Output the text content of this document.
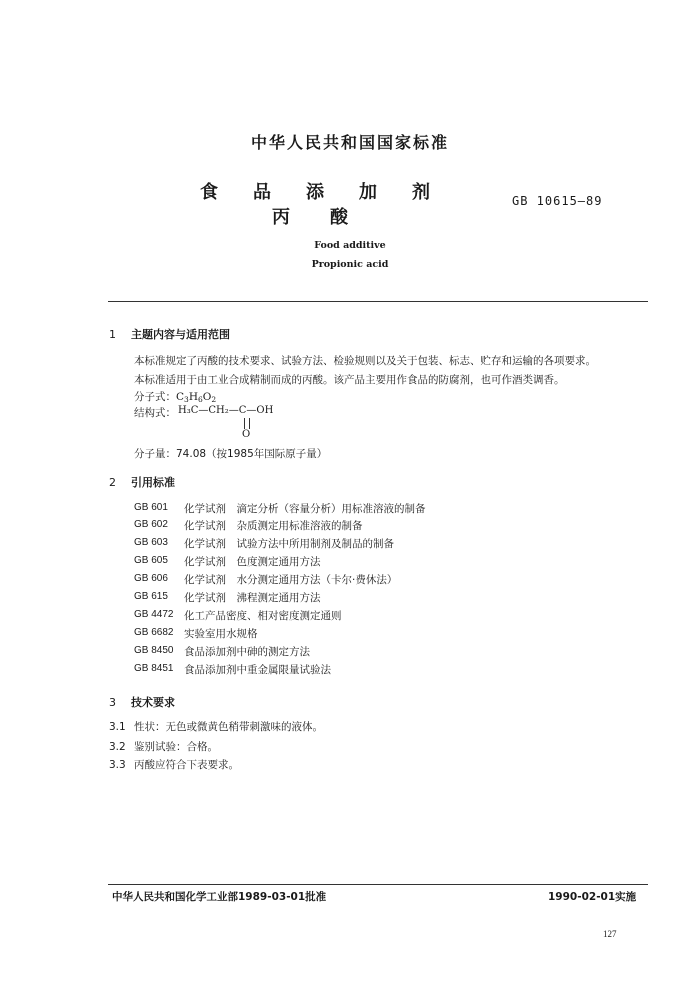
中华人民共和国国家标准
食 品 添 加 剂
丙 酸
GB 10615—89
Food additive
Propionic acid
1 主题内容与适用范围
本标准规定了丙酸的技术要求、试验方法、检验规则以及关于包装、标志、贮存和运输的各项要求。
本标准适用于由工业合成精制而成的丙酸。该产品主要用作食品的防腐剂，也可作酒类调香。
分子式：C3H6O2
结构式： H₃C—CH₂—C—OH
O
分子量：74.08（按1985年国际原子量）
2 引用标准
GB 601	化学试剂　滴定分析（容量分析）用标准溶液的制备
GB 602	化学试剂　杂质测定用标准溶液的制备
GB 603	化学试剂　试验方法中所用制剂及制品的制备
GB 605	化学试剂　色度测定通用方法
GB 606	化学试剂　水分测定通用方法（卡尔·费休法）
GB 615	化学试剂　沸程测定通用方法
GB 4472	化工产品密度、相对密度测定通则
GB 6682	实验室用水规格
GB 8450	食品添加剂中砷的测定方法
GB 8451	食品添加剂中重金属限量试验法
3 技术要求
3.1 性状：无色或微黄色稍带刺激味的液体。
3.2 鉴别试验：合格。
3.3 丙酸应符合下表要求。
中华人民共和国化学工业部1989-03-01批准	1990-02-01实施
127
